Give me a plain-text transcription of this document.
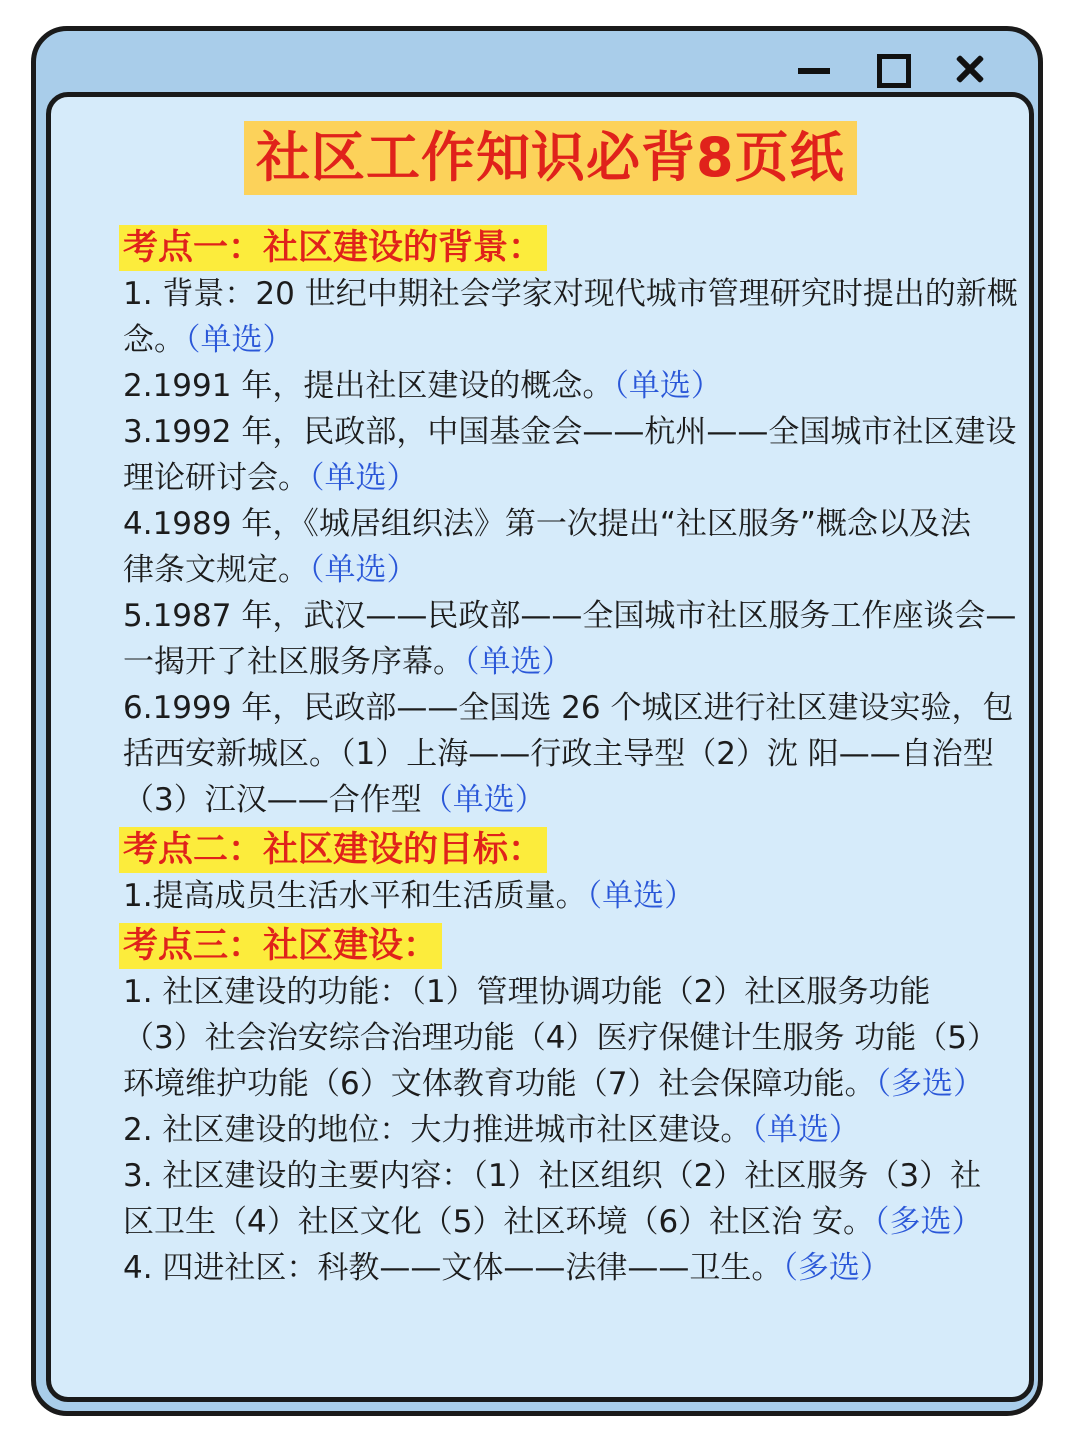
社区工作知识必背8页纸
考点一：社区建设的背景：
1. 背景：20 世纪中期社会学家对现代城市管理研究时提出的新概
念。（单选）
2.1991 年，提出社区建设的概念。（单选）
3.1992 年，民政部，中国基金会——杭州——全国城市社区建设
理论研讨会。（单选）
4.1989 年，《城居组织法》第一次提出“社区服务”概念以及法
律条文规定。（单选）
5.1987 年，武汉——民政部——全国城市社区服务工作座谈会—
一揭开了社区服务序幕。（单选）
6.1999 年，民政部——全国选 26 个城区进行社区建设实验，包
括西安新城区。（1）上海——行政主导型（2）沈 阳——自治型
（3）江汉——合作型（单选）
考点二：社区建设的目标：
1.提高成员生活水平和生活质量。（单选）
考点三：社区建设：
1. 社区建设的功能：（1）管理协调功能（2）社区服务功能
（3）社会治安综合治理功能（4）医疗保健计生服务 功能（5）
环境维护功能（6）文体教育功能（7）社会保障功能。（多选）
2. 社区建设的地位：大力推进城市社区建设。（单选）
3. 社区建设的主要内容：（1）社区组织（2）社区服务（3）社
区卫生（4）社区文化（5）社区环境（6）社区治 安。（多选）
4. 四进社区：科教——文体——法律——卫生。（多选）
